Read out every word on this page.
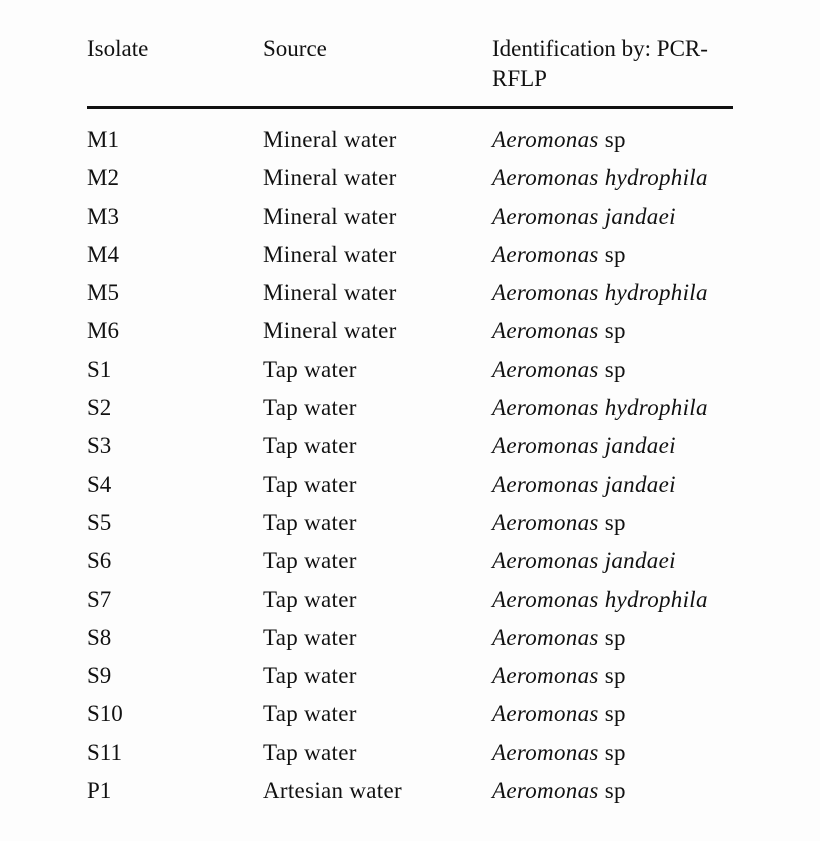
Isolate	Source	Identification by: PCR-
RFLP
M1	Mineral water	Aeromonas sp
M2	Mineral water	Aeromonas hydrophila
M3	Mineral water	Aeromonas jandaei
M4	Mineral water	Aeromonas sp
M5	Mineral water	Aeromonas hydrophila
M6	Mineral water	Aeromonas sp
S1	Tap water	Aeromonas sp
S2	Tap water	Aeromonas hydrophila
S3	Tap water	Aeromonas jandaei
S4	Tap water	Aeromonas jandaei
S5	Tap water	Aeromonas sp
S6	Tap water	Aeromonas jandaei
S7	Tap water	Aeromonas hydrophila
S8	Tap water	Aeromonas sp
S9	Tap water	Aeromonas sp
S10	Tap water	Aeromonas sp
S11	Tap water	Aeromonas sp
P1	Artesian water	Aeromonas sp
